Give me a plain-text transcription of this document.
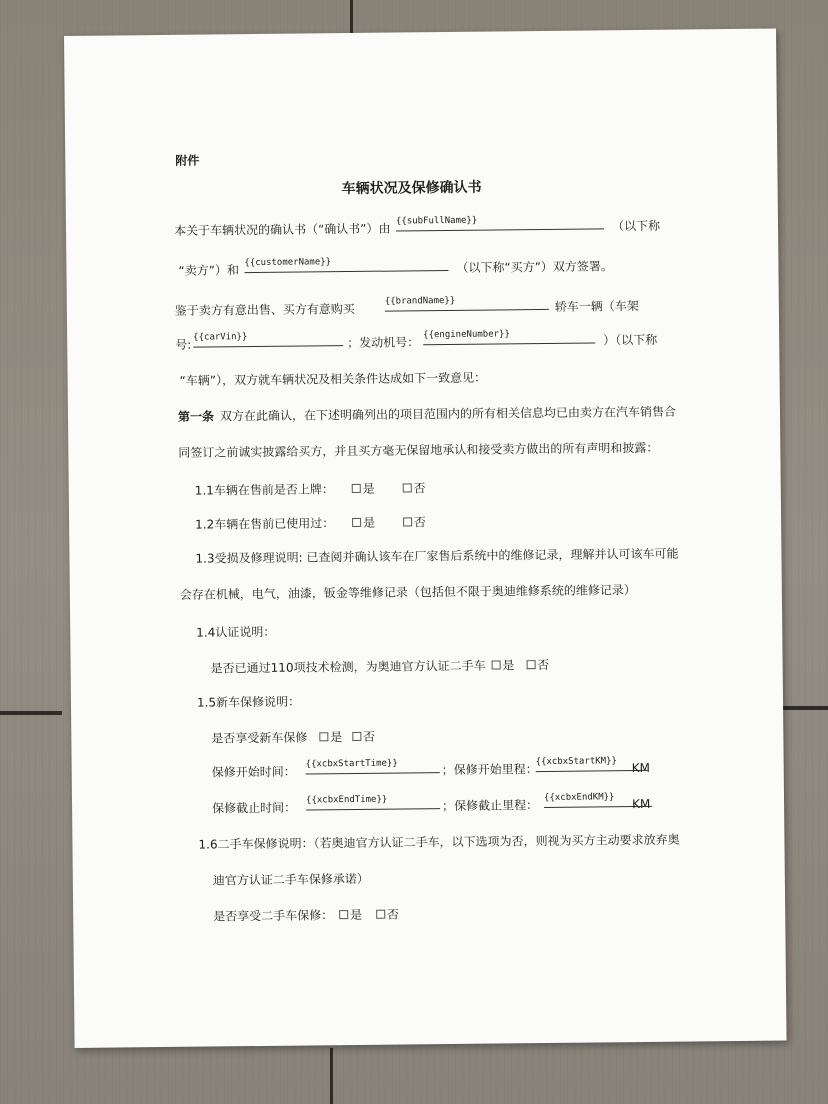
附件
车辆状况及保修确认书
本关于车辆状况的确认书（“确认书”）由
{{subFullName}}	（以下称
“卖方”）和
{{customerName}}	（以下称“买方”）双方签署。
鉴于卖方有意出售、买方有意购买
{{brandName}}	轿车一辆（车架
号:
{{carVin}}	；发动机号：
{{engineNumber}}	）（以下称
“车辆”），双方就车辆状况及相关条件达成如下一致意见：
第一条 双方在此确认，在下述明确列出的项目范围内的所有相关信息均已由卖方在汽车销售合
同签订之前诚实披露给买方，并且买方毫无保留地承认和接受卖方做出的所有声明和披露：
1.1车辆在售前是否上牌： 是	否
1.2车辆在售前已使用过： 是	否
1.3受损及修理说明: 已查阅并确认该车在厂家售后系统中的维修记录，理解并认可该车可能
会存在机械，电气，油漆，钣金等维修记录（包括但不限于奥迪维修系统的维修记录）
1.4认证说明：
是否已通过110项技术检测，为奥迪官方认证二手车 是 否
1.5新车保修说明：
是否享受新车保修 是 否
保修开始时间：
{{xcbxStartTime}}	；保修开始里程：
{{xcbxStartKM}}	KM
保修截止时间：
{{xcbxEndTime}}	；保修截止里程：
{{xcbxEndKM}}	KM
1.6二手车保修说明：（若奥迪官方认证二手车，以下选项为否，则视为买方主动要求放弃奥
迪官方认证二手车保修承诺）
是否享受二手车保修： 是 否
